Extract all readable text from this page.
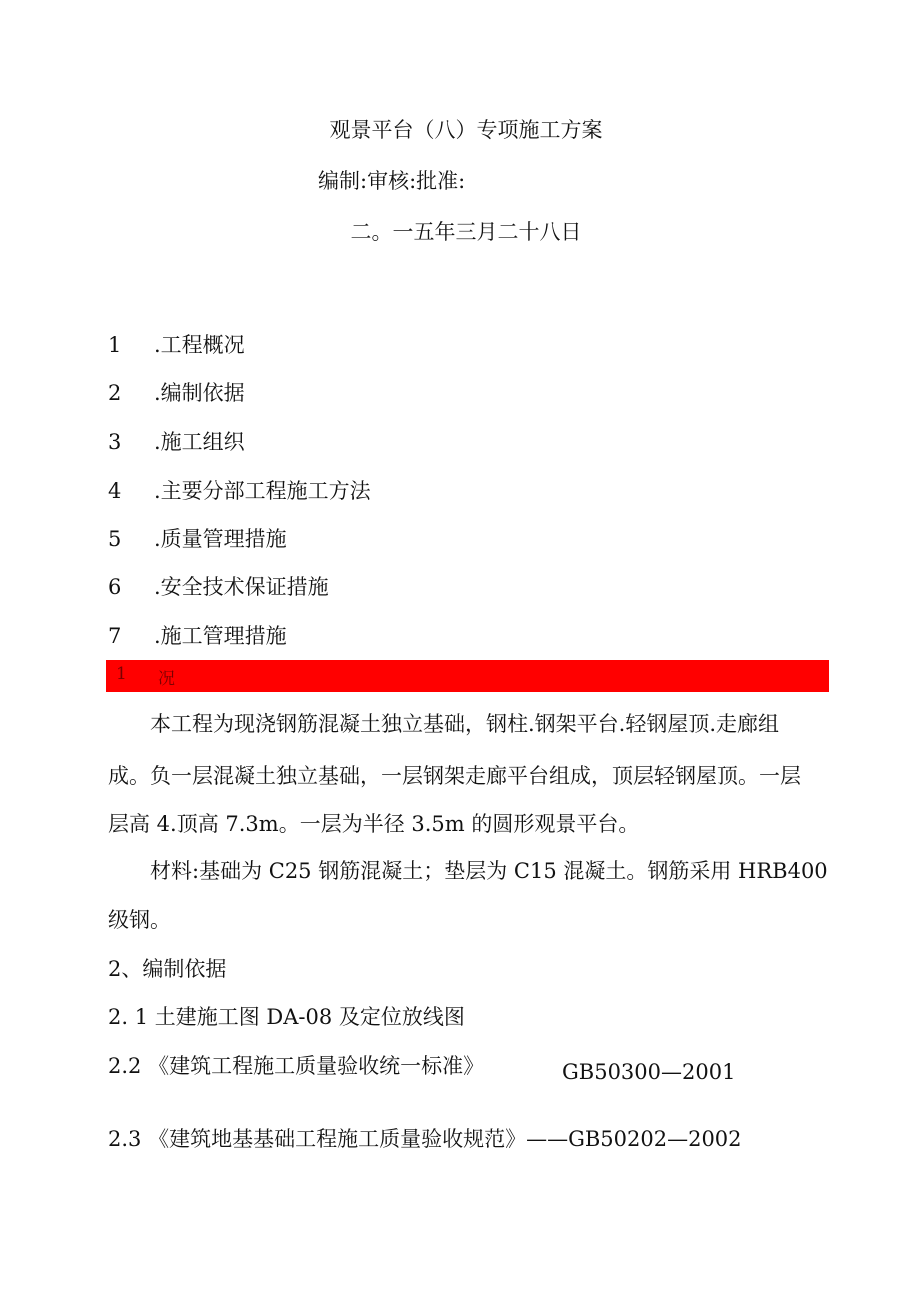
观景平台（八）专项施工方案
编制:审核:批准:
二。一五年三月二十八日
1 .工程概况
2 .编制依据
3 .施工组织
4 .主要分部工程施工方法
5 .质量管理措施
6 .安全技术保证措施
7 .施工管理措施
1 况
本工程为现浇钢筋混凝土独立基础，钢柱.钢架平台.轻钢屋顶.走廊组
成。负一层混凝土独立基础，一层钢架走廊平台组成，顶层轻钢屋顶。一层
层高 4.顶高 7.3m。一层为半径 3.5m 的圆形观景平台。
材料:基础为 C25 钢筋混凝土；垫层为 C15 混凝土。钢筋采用 HRB400
级钢。
2、编制依据
2. 1 土建施工图 DA-08 及定位放线图
2.2 《建筑工程施工质量验收统一标准》	GB50300—2001
2.3 《建筑地基基础工程施工质量验收规范》——GB50202—2002
